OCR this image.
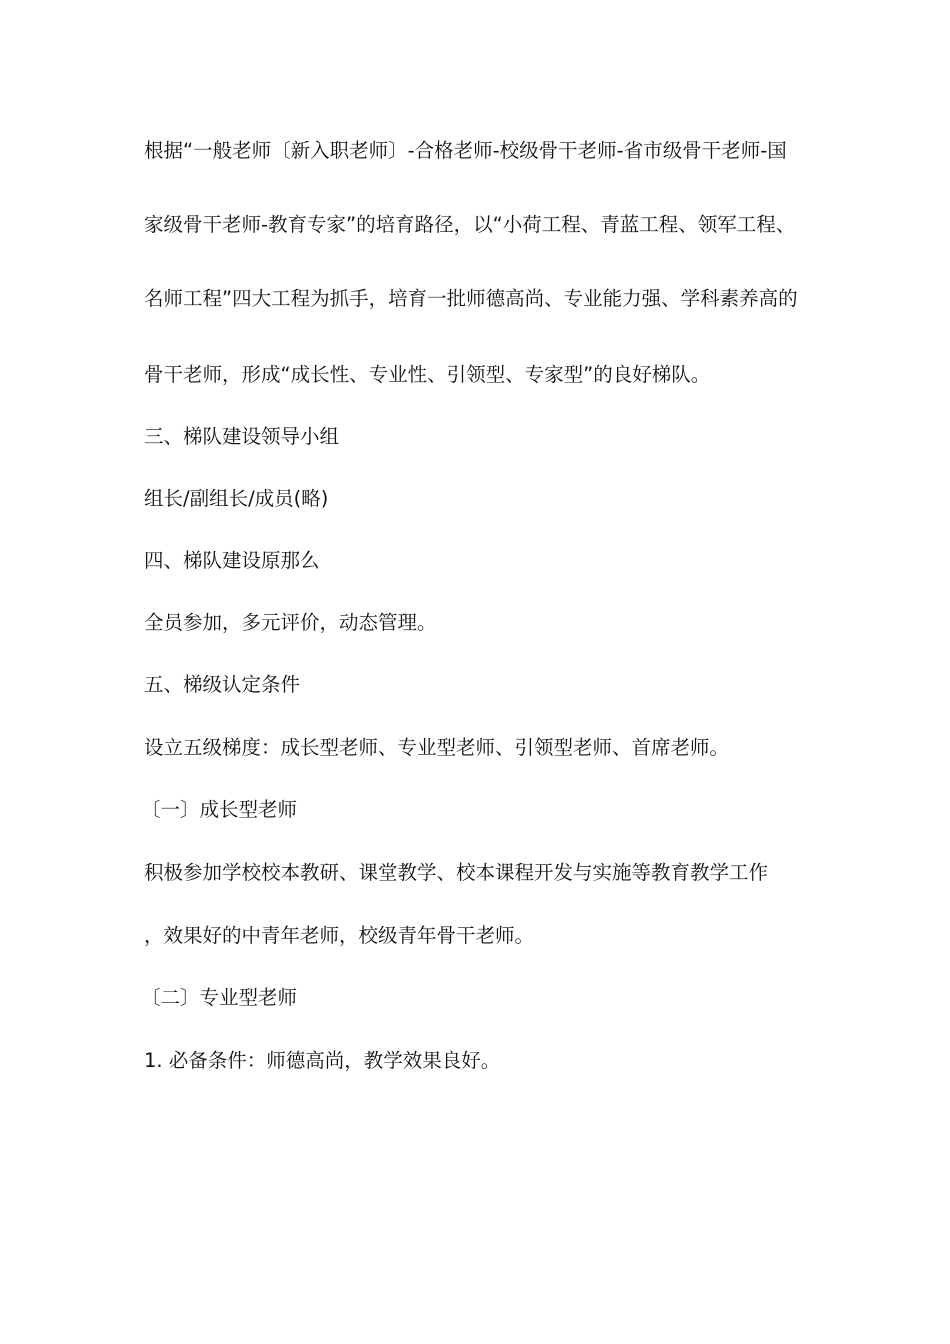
根据“一般老师〔新入职老师〕-合格老师-校级骨干老师-省市级骨干老师-国
家级骨干老师-教育专家”的培育路径，以“小荷工程、青蓝工程、领军工程、
名师工程”四大工程为抓手，培育一批师德高尚、专业能力强、学科素养高的
骨干老师，形成“成长性、专业性、引领型、专家型”的良好梯队。
三、梯队建设领导小组
组长/副组长/成员(略)
四、梯队建设原那么
全员参加，多元评价，动态管理。
五、梯级认定条件
设立五级梯度：成长型老师、专业型老师、引领型老师、首席老师。
〔一〕成长型老师
积极参加学校校本教研、课堂教学、校本课程开发与实施等教育教学工作
，效果好的中青年老师，校级青年骨干老师。
〔二〕专业型老师
1. 必备条件：师德高尚，教学效果良好。
